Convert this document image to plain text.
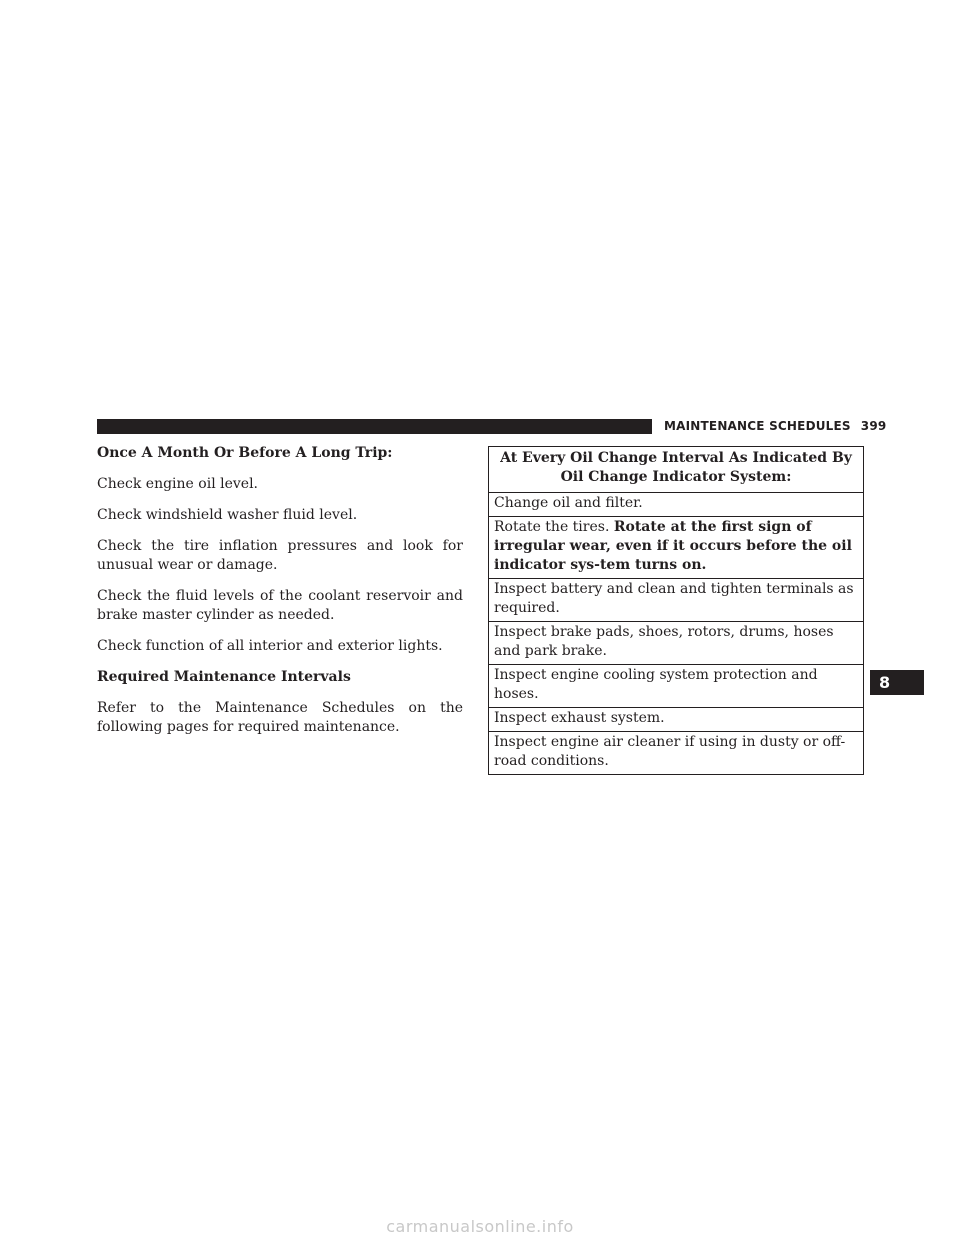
MAINTENANCE SCHEDULES 399

Once A Month Or Before A Long Trip:

Check engine oil level.

Check windshield washer fluid level.

Check the tire inflation pressures and look for unusual wear or damage.

Check the fluid levels of the coolant reservoir and brake master cylinder as needed.

Check function of all interior and exterior lights.

Required Maintenance Intervals

Refer to the Maintenance Schedules on the following pages for required maintenance.

At Every Oil Change Interval As Indicated By Oil Change Indicator System:
Change oil and filter.
Rotate the tires. Rotate at the first sign of irregular wear, even if it occurs before the oil indicator sys-tem turns on.
Inspect battery and clean and tighten terminals as required.
Inspect brake pads, shoes, rotors, drums, hoses and park brake.
Inspect engine cooling system protection and hoses.
Inspect exhaust system.
Inspect engine air cleaner if using in dusty or off-road conditions.
8
carmanualsonline.info
